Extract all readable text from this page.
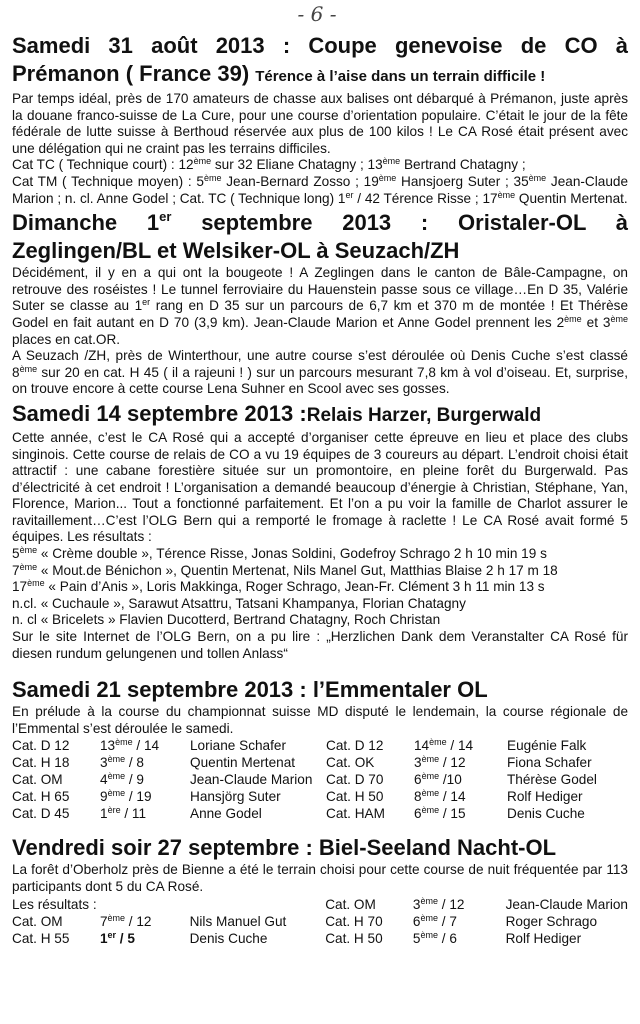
- 6 -
Samedi 31 août 2013 : Coupe genevoise de CO à
Prémanon ( France 39) Térence à l’aise dans un terrain difficile !

Par temps idéal, près de 170 amateurs de chasse aux balises ont débarqué à Prémanon, juste après la douane franco-suisse de La Cure, pour une course d’orientation populaire. C’était le jour de la fête fédérale de lutte suisse à Berthoud réservée aux plus de 100 kilos ! Le CA Rosé était présent avec une délégation qui ne craint pas les terrains difficiles.

Cat TC ( Technique court) : 12ème sur 32 Eliane Chatagny ; 13ème Bertrand Chatagny ;
Cat TM ( Technique moyen) : 5ème Jean-Bernard Zosso ; 19ème Hansjoerg Suter ; 35ème Jean-Claude Marion ; n. cl. Anne Godel ; Cat. TC ( Technique long) 1er / 42 Térence Risse ; 17ème Quentin Mertenat.

Dimanche 1er septembre 2013 : Oristaler-OL à
Zeglingen/BL et Welsiker-OL à Seuzach/ZH

Décidément, il y en a qui ont la bougeote ! A Zeglingen dans le canton de Bâle-Campagne, on retrouve des roséistes ! Le tunnel ferroviaire du Hauenstein passe sous ce village…En D 35, Valérie Suter se classe au 1er rang en D 35 sur un parcours de 6,7 km et 370 m de montée ! Et Thérèse Godel en fait autant en D 70 (3,9 km). Jean-Claude Marion et Anne Godel prennent les 2ème et 3ème places en cat.OR.

A Seuzach /ZH, près de Winterthour, une autre course s’est déroulée où Denis Cuche s’est classé 8ème sur 20 en cat. H 45 ( il a rajeuni ! ) sur un parcours mesurant 7,8 km à vol d’oiseau. Et, surprise, on trouve encore à cette course Lena Suhner en Scool avec ses gosses.

Samedi 14 septembre 2013 :Relais Harzer, Burgerwald

Cette année, c’est le CA Rosé qui a accepté d’organiser cette épreuve en lieu et place des clubs singinois. Cette course de relais de CO a vu 19 équipes de 3 coureurs au départ. L’endroit choisi était attractif : une cabane forestière située sur un promontoire, en pleine forêt du Burgerwald. Pas d’électricité à cet endroit ! L’organisation a demandé beaucoup d’énergie à Christian, Stéphane, Yan, Florence, Marion... Tout a fonctionné parfaitement. Et l’on a pu voir la famille de Charlot assurer le ravitaillement…C’est l’OLG Bern qui a remporté le fromage à raclette ! Le CA Rosé avait formé 5 équipes. Les résultats :

5ème « Crème double », Térence Risse, Jonas Soldini, Godefroy Schrago 2 h 10 min 19 s

7ème « Mout.de Bénichon », Quentin Mertenat, Nils Manel Gut, Matthias Blaise 2 h 17 m 18

17ème « Pain d’Anis », Loris Makkinga, Roger Schrago, Jean-Fr. Clément 3 h 11 min 13 s

n.cl. « Cuchaule », Sarawut Atsattru, Tatsani Khampanya, Florian Chatagny

n. cl « Bricelets » Flavien Ducotterd, Bertrand Chatagny, Roch Christan

Sur le site Internet de l’OLG Bern, on a pu lire : „Herzlichen Dank dem Veranstalter CA Rosé für diesen rundum gelungenen und tollen Anlass“

Samedi 21 septembre 2013 : l’Emmentaler OL

En prélude à la course du championnat suisse MD disputé le lendemain, la course régionale de l’Emmental s’est déroulée le samedi.

Cat. D 12	13ème / 14	Loriane Schafer	Cat. D 12	14ème / 14	Eugénie Falk
Cat. H 18	3ème / 8	Quentin Mertenat	Cat. OK	3ème / 12	Fiona Schafer
Cat. OM	4ème / 9	Jean-Claude Marion	Cat. D 70	6ème /10	Thérèse Godel
Cat. H 65	9ème / 19	Hansjörg Suter	Cat. H 50	8ème / 14	Rolf Hediger
Cat. D 45	1ère / 11	Anne Godel	Cat. HAM	6ème / 15	Denis Cuche
Vendredi soir 27 septembre : Biel-Seeland Nacht-OL

La forêt d’Oberholz près de Bienne a été le terrain choisi pour cette course de nuit fréquentée par 113 participants dont 5 du CA Rosé.

Les résultats :			Cat. OM	3ème / 12	Jean-Claude Marion
Cat. OM	7ème / 12	Nils Manuel Gut	Cat. H 70	6ème / 7	Roger Schrago
Cat. H 55	1er / 5	Denis Cuche	Cat. H 50	5ème / 6	Rolf Hediger
